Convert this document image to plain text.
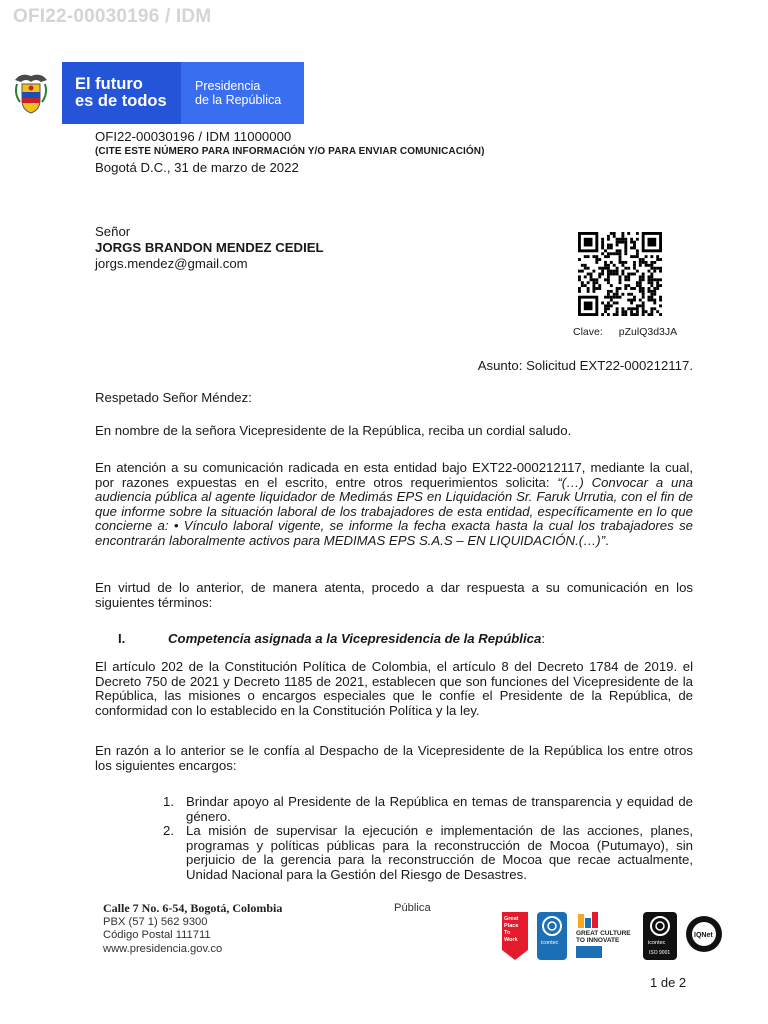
OFI22-00030196 / IDM
El futuro
es de todos
Presidencia
de la República
OFI22-00030196 / IDM 11000000
(CITE ESTE NÚMERO PARA INFORMACIÓN Y/O PARA ENVIAR COMUNICACIÓN)
Bogotá D.C., 31 de marzo de 2022
Señor
JORGS BRANDON MENDEZ CEDIEL
jorgs.mendez@gmail.com
Clave: pZulQ3d3JA
Asunto: Solicitud EXT22-000212117.
Respetado Señor Méndez:
En nombre de la señora Vicepresidente de la República, reciba un cordial saludo.
En atención a su comunicación radicada en esta entidad bajo EXT22-000212117, mediante la cual, por razones expuestas en el escrito, entre otros requerimientos solicita: “(…) Convocar a una audiencia pública al agente liquidador de Medimás EPS en Liquidación Sr. Faruk Urrutia, con el fin de que informe sobre la situación laboral de los trabajadores de esta entidad, específicamente en lo que concierne a: • Vínculo laboral vigente, se informe la fecha exacta hasta la cual los trabajadores se encontrarán laboralmente activos para MEDIMAS EPS S.A.S – EN LIQUIDACIÓN.(…)”.
En virtud de lo anterior, de manera atenta, procedo a dar respuesta a su comunicación en los siguientes términos:
I.	Competencia asignada a la Vicepresidencia de la República:
El artículo 202 de la Constitución Política de Colombia, el artículo 8 del Decreto 1784 de 2019. el Decreto 750 de 2021 y Decreto 1185 de 2021, establecen que son funciones del Vicepresidente de la República, las misiones o encargos especiales que le confíe el Presidente de la República, de conformidad con lo establecido en la Constitución Política y la ley.
En razón a lo anterior se le confía al Despacho de la Vicepresidente de la República los entre otros los siguientes encargos:
1. Brindar apoyo al Presidente de la República en temas de transparencia y equidad de género.
2. La misión de supervisar la ejecución e implementación de las acciones, planes, programas y políticas públicas para la reconstrucción de Mocoa (Putumayo), sin perjuicio de la gerencia para la reconstrucción de Mocoa que recae actualmente, Unidad Nacional para la Gestión del Riesgo de Desastres.
Calle 7 No. 6-54, Bogotá, Colombia
PBX (57 1) 562 9300
Código Postal 111711
www.presidencia.gov.co
Pública
Great
Place
To
Work	icontec
GREAT CULTURE
TO INNOVATE	icontec
ISO 9001
IQNet
1 de 2
